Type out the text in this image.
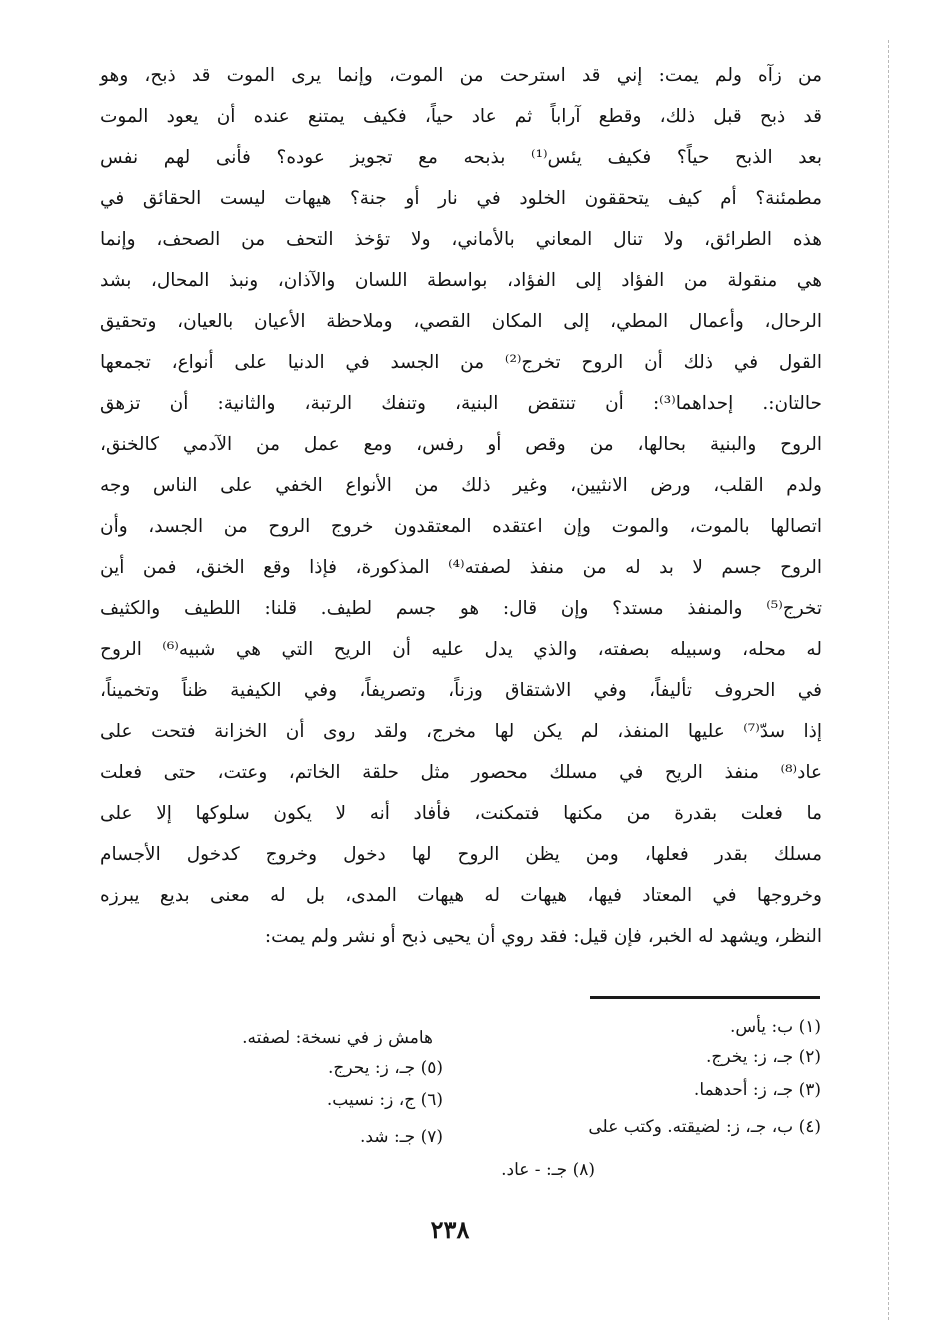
من زآه ولم يمت: إني قد استرحت من الموت، وإنما يرى الموت قد ذبح، وهو
قد ذبح قبل ذلك، وقطع آراباً ثم عاد حياً، فكيف يمتنع عنده أن يعود الموت
بعد الذبح حياً؟ فكيف يئس⁽¹⁾ بذبحه مع تجويز عوده؟ فأنى لهم نفس
مطمئنة؟ أم كيف يتحققون الخلود في نار أو جنة؟ هيهات ليست الحقائق في
هذه الطرائق، ولا تنال المعاني بالأماني، ولا تؤخذ التحف من الصحف، وإنما
هي منقولة من الفؤاد إلى الفؤاد، بواسطة اللسان والآذان، ونبذ المحال، بشد
الرحال، وأعمال المطي، إلى المكان القصي، وملاحظة الأعيان بالعيان، وتحقيق
القول في ذلك أن الروح تخرج⁽²⁾ من الجسد في الدنيا على أنواع، تجمعها
حالتان:. إحداهما⁽³⁾: أن تنتقض البنية، وتنفك الرتبة، والثانية: أن تزهق
الروح والبنية بحالها، من وقص أو رفس، ومع عمل من الآدمي كالخنق،
ولدم القلب، ورض الانثيين، وغير ذلك من الأنواع الخفي على الناس وجه
اتصالها بالموت، والموت وإن اعتقده المعتقدون خروج الروح من الجسد، وأن
الروح جسم لا بد له من منفذ لصفته⁽⁴⁾ المذكورة، فإذا وقع الخنق، فمن أين
تخرج⁽⁵⁾ والمنفذ مستد؟ وإن قال: هو جسم لطيف. قلنا: اللطيف والكثيف
له محله، وسبيله بصفته، والذي يدل عليه أن الريح التي هي شبيه⁽⁶⁾ الروح
في الحروف تأليفاً، وفي الاشتقاق وزناً، وتصريفاً، وفي الكيفية ظناً وتخميناً،
إذا سدّ⁽⁷⁾ عليها المنفذ، لم يكن لها مخرج، ولقد روى أن الخزانة فتحت على
عاد⁽⁸⁾ منفذ الريح في مسلك محصور مثل حلقة الخاتم، وعتت، حتى فعلت
ما فعلت بقدرة من مكنها فتمكنت، فأفاد أنه لا يكون سلوكها إلا على
مسلك بقدر فعلها، ومن يظن الروح لها دخول وخروج كدخول الأجسام
وخروجها في المعتاد فيها، هيهات له هيهات المدى، بل له معنى بديع يبرزه
النظر، ويشهد له الخبر، فإن قيل: فقد روي أن يحيى ذبح أو نشر ولم يمت:
(١) ب: يأس.
(٢) جـ، ز: يخرج.
(٣) جـ، ز: أحدهما.
(٤) ب، جـ، ز: لضيقته. وكتب على
هامش ز في نسخة: لصفته.
(٥) جـ، ز: يحرج.
(٦) ج، ز: نسيب.
(٧) جـ: شد.
(٨) جـ: - عاد.
٢٣٨
